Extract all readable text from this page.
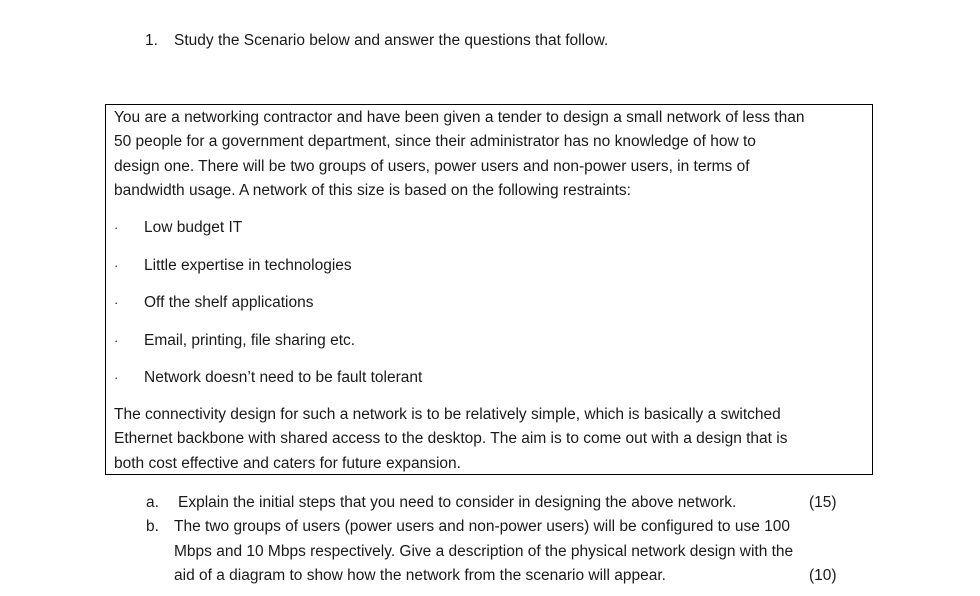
1. Study the Scenario below and answer the questions that follow.
You are a networking contractor and have been given a tender to design a small network of less than
50 people for a government department, since their administrator has no knowledge of how to
design one. There will be two groups of users, power users and non-power users, in terms of
bandwidth usage. A network of this size is based on the following restraints:
· Low budget IT
· Little expertise in technologies
· Off the shelf applications
· Email, printing, file sharing etc.
· Network doesn’t need to be fault tolerant
The connectivity design for such a network is to be relatively simple, which is basically a switched
Ethernet backbone with shared access to the desktop. The aim is to come out with a design that is
both cost effective and caters for future expansion.
a. Explain the initial steps that you need to consider in designing the above network.	(15)
b. The two groups of users (power users and non-power users) will be configured to use 100
Mbps and 10 Mbps respectively. Give a description of the physical network design with the
aid of a diagram to show how the network from the scenario will appear.	(10)
